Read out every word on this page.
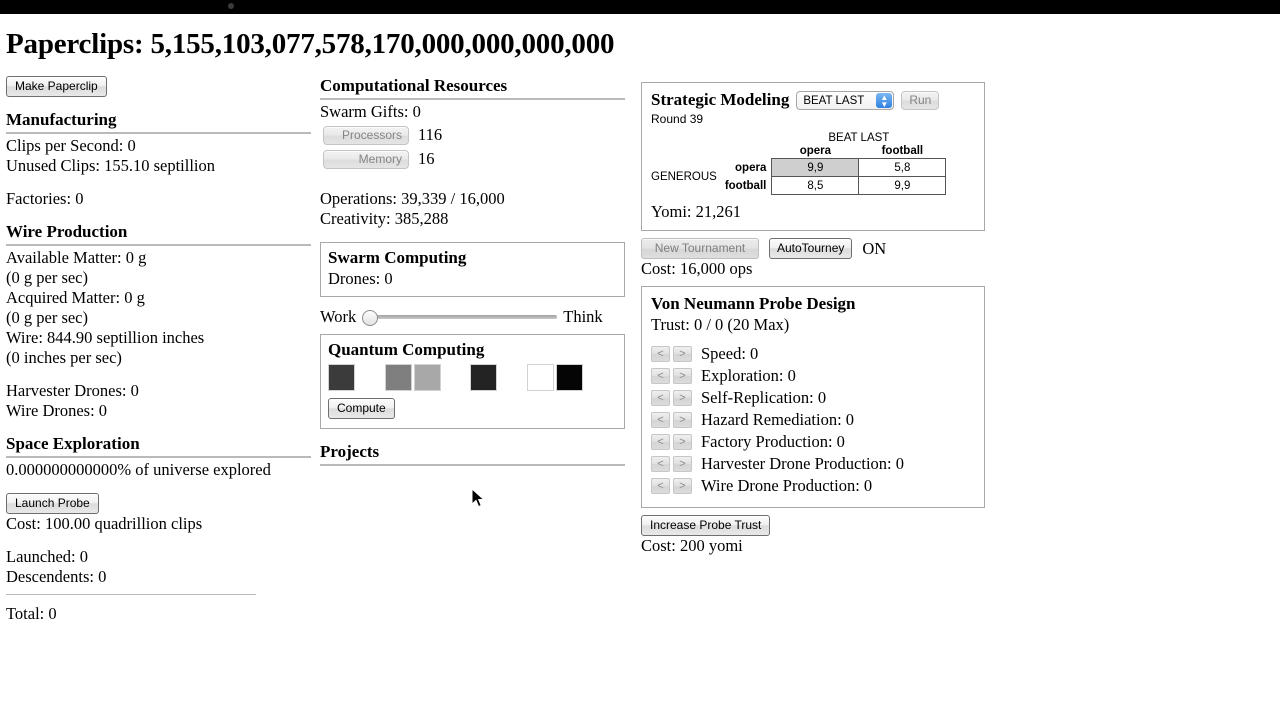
Paperclips: 5,155,103,077,578,170,000,000,000,000
Make Paperclip
Manufacturing
Clips per Second: 0
Unused Clips: 155.10 septillion
Factories: 0
Wire Production
Available Matter: 0 g
(0 g per sec)
Acquired Matter: 0 g
(0 g per sec)
Wire: 844.90 septillion inches
(0 inches per sec)
Harvester Drones: 0
Wire Drones: 0
Space Exploration
0.000000000000% of universe explored
Launch Probe
Cost: 100.00 quadrillion clips
Launched: 0
Descendents: 0
Total: 0
Computational Resources
Swarm Gifts: 0
Processors 116
Memory 16
Operations: 39,339 / 16,000
Creativity: 385,288
Swarm Computing
Drones: 0
Work	Think
Quantum Computing
Compute
Projects
Strategic Modeling	BEAT LAST	▲
▼	Run
Round 39
		BEAT LAST	
		opera	football
GENEROUS	opera	9,9	5,8
	football	8,5	9,9
Yomi: 21,261
New Tournament	AutoTourney	ON
Cost: 16,000 ops
Von Neumann Probe Design
Trust: 0 / 0 (20 Max)
<	> Speed: 0
<	> Exploration: 0
<	> Self-Replication: 0
<	> Hazard Remediation: 0
<	> Factory Production: 0
<	> Harvester Drone Production: 0
<	> Wire Drone Production: 0
Increase Probe Trust
Cost: 200 yomi
